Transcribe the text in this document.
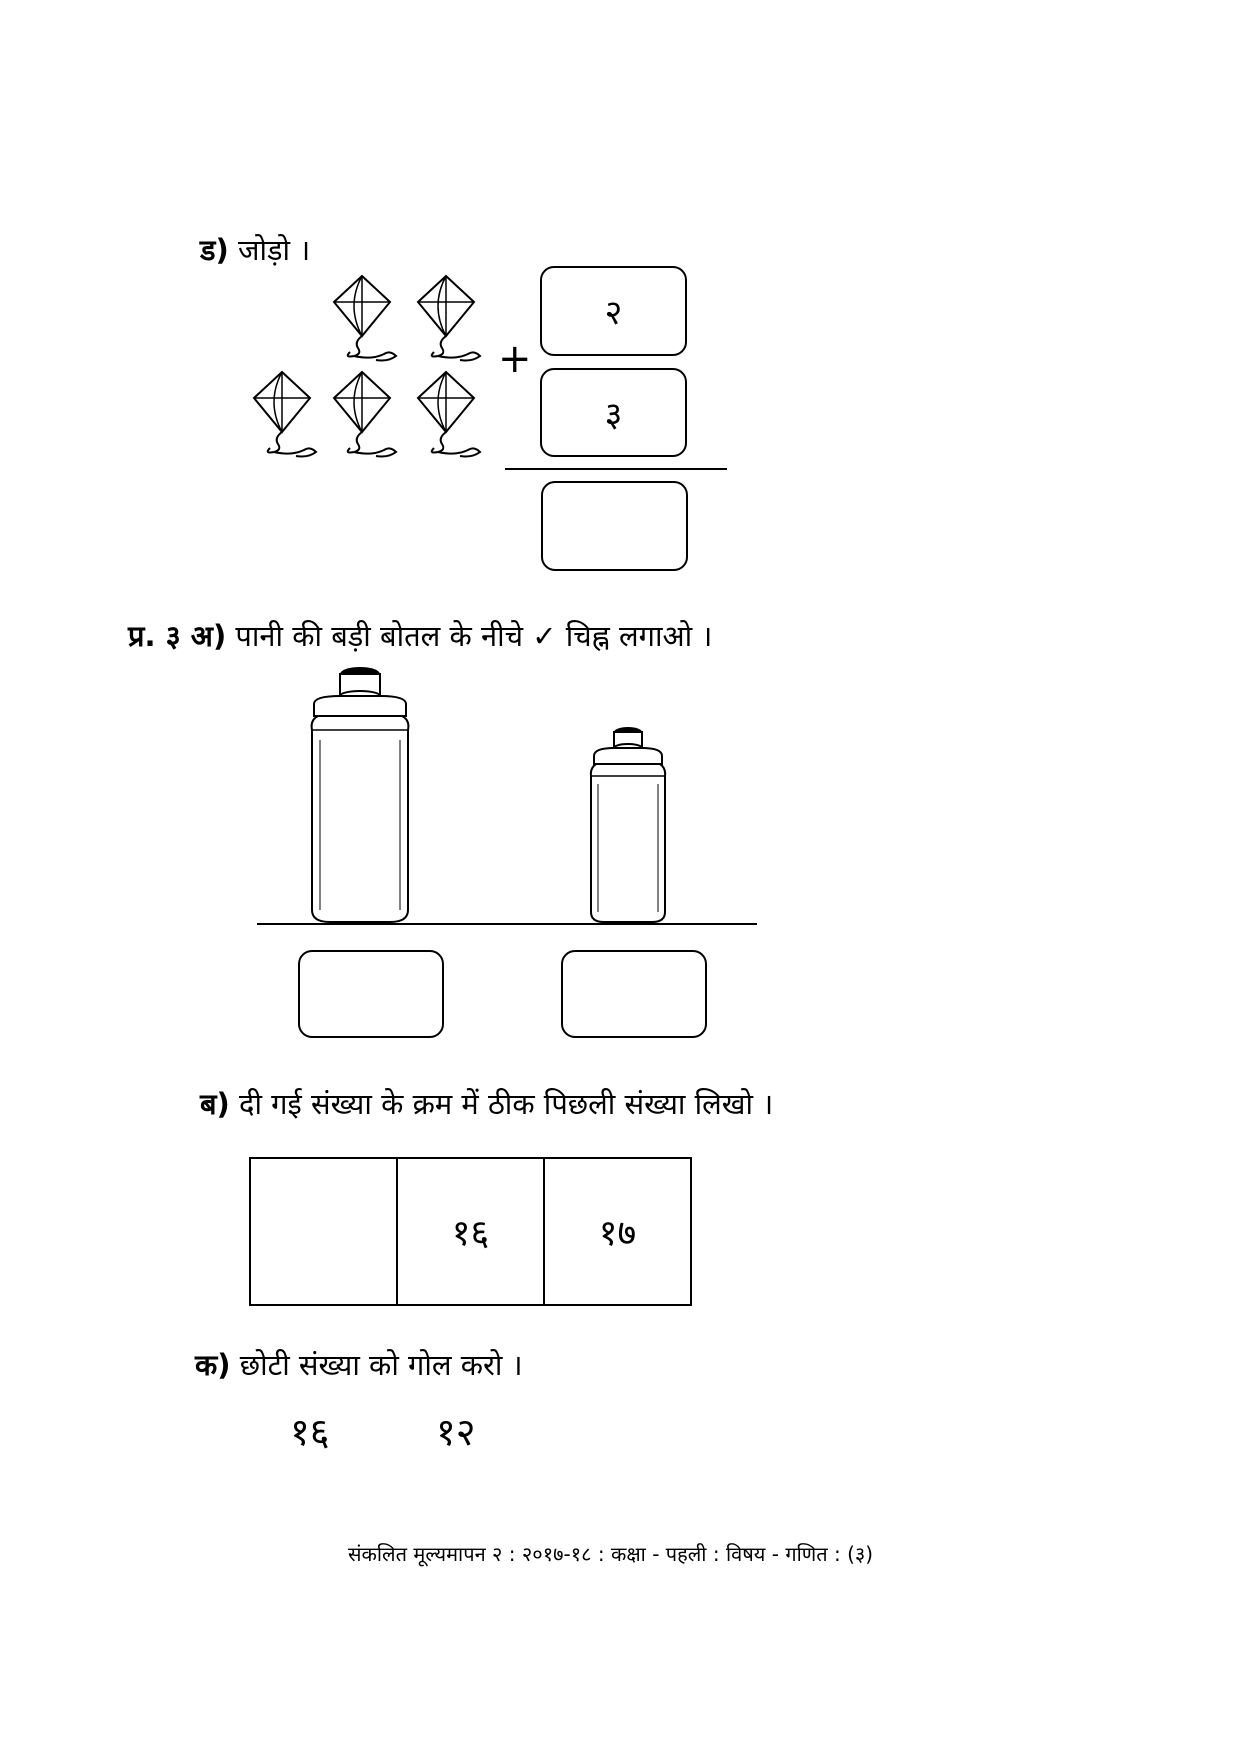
ड) जोड़ो ।
+
२
३
प्र. ३ अ) पानी की बड़ी बोतल के नीचे ✓ चिह्न लगाओ ।
ब) दी गई संख्या के क्रम में ठीक पिछली संख्या लिखो ।
१६	१७
क) छोटी संख्या को गोल करो ।
१६	१२
संकलित मूल्यमापन २ : २०१७-१८ : कक्षा - पहली : विषय - गणित : (३)
